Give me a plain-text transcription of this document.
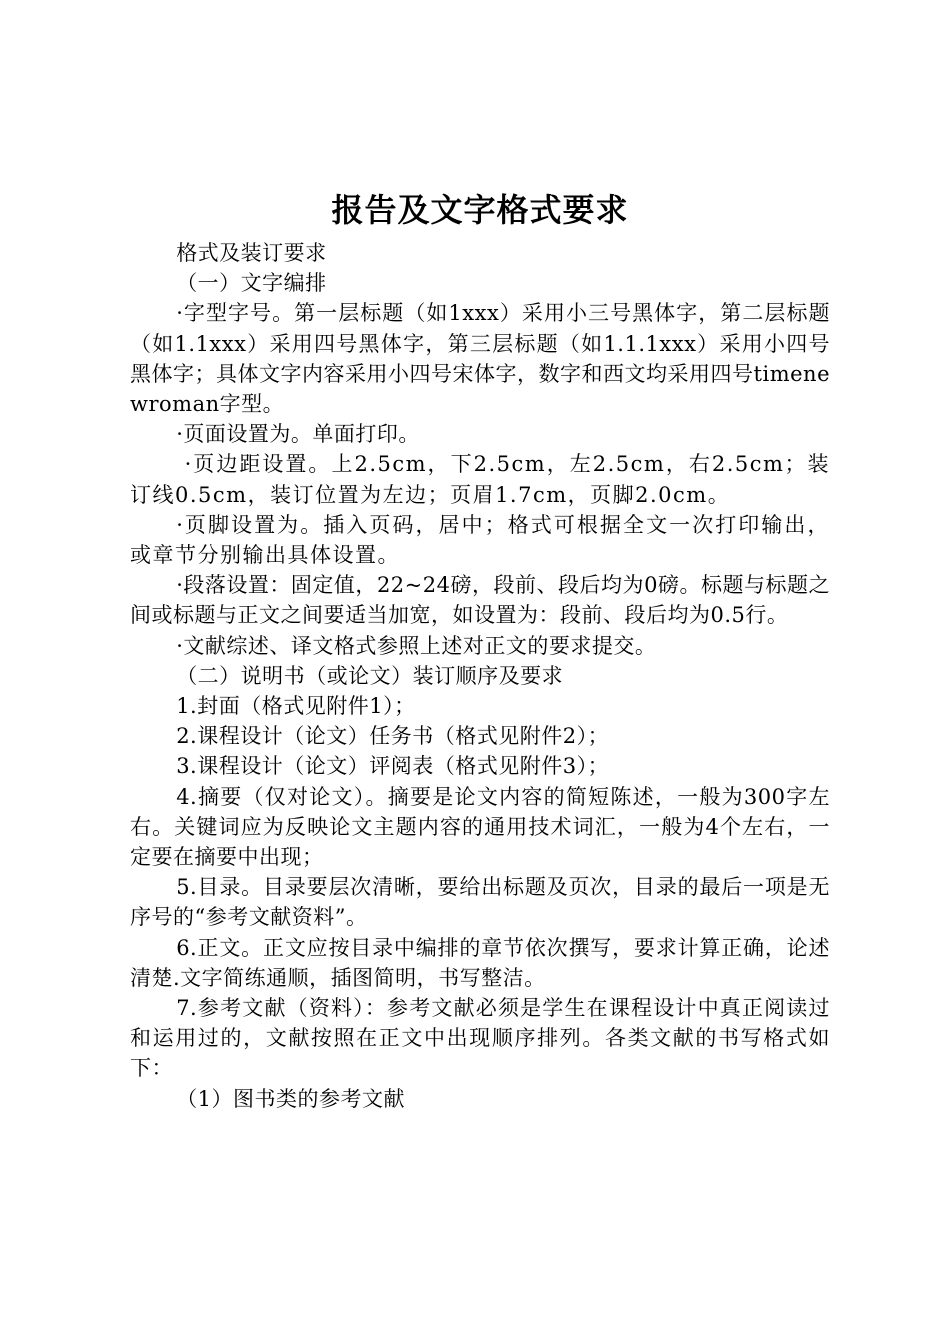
报告及文字格式要求

格式及装订要求

（一）文字编排

·字型字号。第一层标题（如1xxx）采用小三号黑体字，第二层标题（如1.1xxx）采用四号黑体字，第三层标题（如1.1.1xxx）采用小四号黑体字；具体文字内容采用小四号宋体字，数字和西文均采用四号timenewroman字型。

·页面设置为。单面打印。

·页边距设置。上2.5cm，下2.5cm，左2.5cm，右2.5cm；装订线0.5cm，装订位置为左边；页眉1.7cm，页脚2.0cm。

·页脚设置为。插入页码，居中；格式可根据全文一次打印输出，或章节分别输出具体设置。

·段落设置：固定值，22~24磅，段前、段后均为0磅。标题与标题之间或标题与正文之间要适当加宽，如设置为：段前、段后均为0.5行。

·文献综述、译文格式参照上述对正文的要求提交。

（二）说明书（或论文）装订顺序及要求

1.封面（格式见附件1）；

2.课程设计（论文）任务书（格式见附件2）；

3.课程设计（论文）评阅表（格式见附件3）；

4.摘要（仅对论文）。摘要是论文内容的简短陈述，一般为300字左右。关键词应为反映论文主题内容的通用技术词汇，一般为4个左右，一定要在摘要中出现；

5.目录。目录要层次清晰，要给出标题及页次，目录的最后一项是无序号的“参考文献资料”。

6.正文。正文应按目录中编排的章节依次撰写，要求计算正确，论述清楚.文字简练通顺，插图简明，书写整洁。

7.参考文献（资料）：参考文献必须是学生在课程设计中真正阅读过和运用过的，文献按照在正文中出现顺序排列。各类文献的书写格式如下：

（1）图书类的参考文献
